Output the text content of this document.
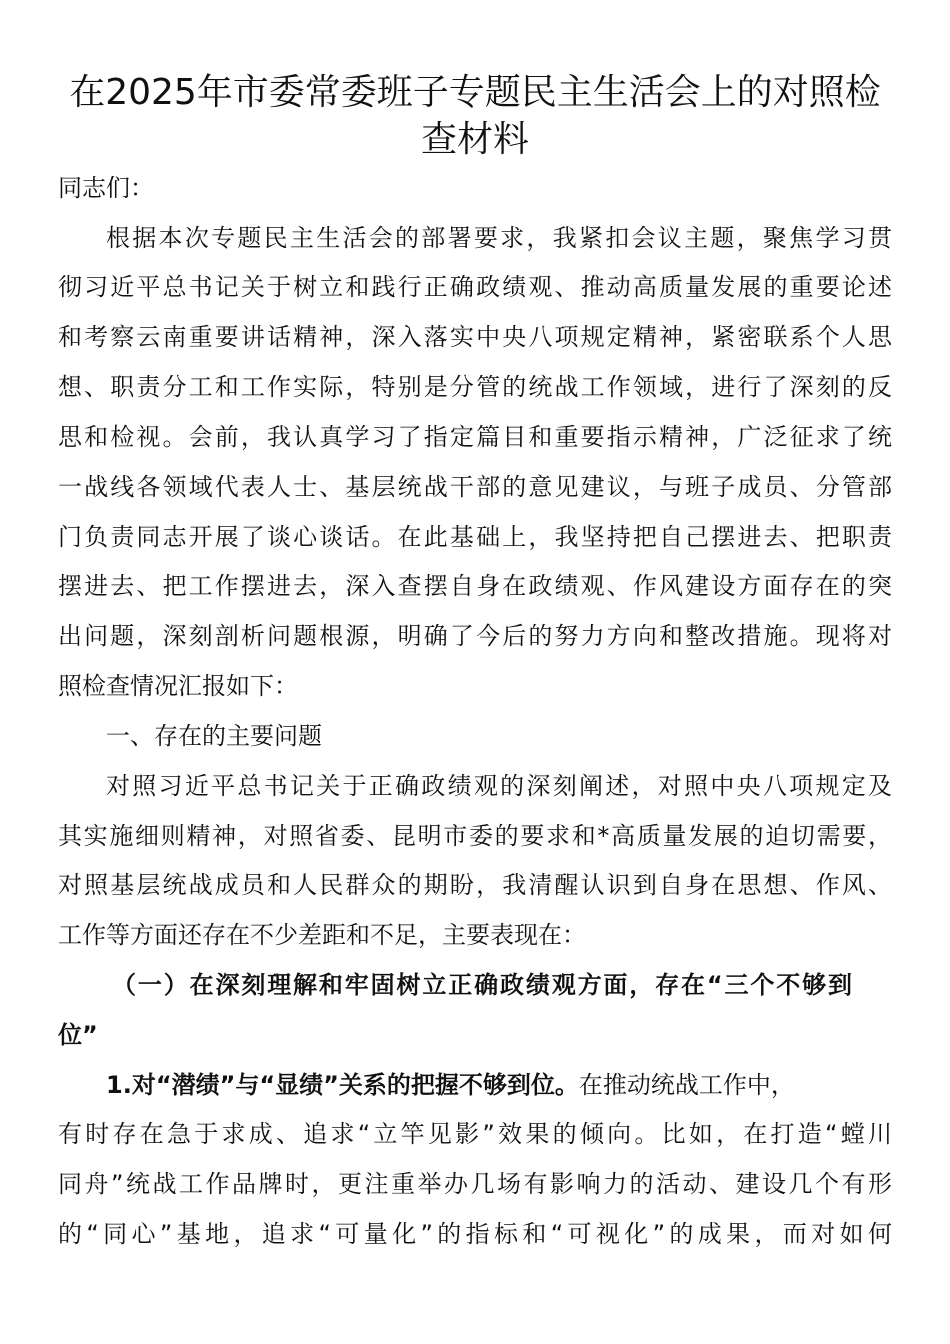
在2025年市委常委班子专题民主生活会上的对照检
查材料
同志们：
根据本次专题民主生活会的部署要求，我紧扣会议主题，聚焦学习贯
彻习近平总书记关于树立和践行正确政绩观、推动高质量发展的重要论述
和考察云南重要讲话精神，深入落实中央八项规定精神，紧密联系个人思
想、职责分工和工作实际，特别是分管的统战工作领域，进行了深刻的反
思和检视。会前，我认真学习了指定篇目和重要指示精神，广泛征求了统
一战线各领域代表人士、基层统战干部的意见建议，与班子成员、分管部
门负责同志开展了谈心谈话。在此基础上，我坚持把自己摆进去、把职责
摆进去、把工作摆进去，深入查摆自身在政绩观、作风建设方面存在的突
出问题，深刻剖析问题根源，明确了今后的努力方向和整改措施。现将对
照检查情况汇报如下：
一、存在的主要问题
对照习近平总书记关于正确政绩观的深刻阐述，对照中央八项规定及
其实施细则精神，对照省委、昆明市委的要求和*高质量发展的迫切需要，
对照基层统战成员和人民群众的期盼，我清醒认识到自身在思想、作风、
工作等方面还存在不少差距和不足，主要表现在：
（一）在深刻理解和牢固树立正确政绩观方面，存在“三个不够到
位”
1.对“潜绩”与“显绩”关系的把握不够到位。在推动统战工作中，
有时存在急于求成、追求“立竿见影”效果的倾向。比如，在打造“螳川
同舟”统战工作品牌时，更注重举办几场有影响力的活动、建设几个有形
的“同心”基地，追求“可量化”的指标和“可视化”的成果，而对如何
